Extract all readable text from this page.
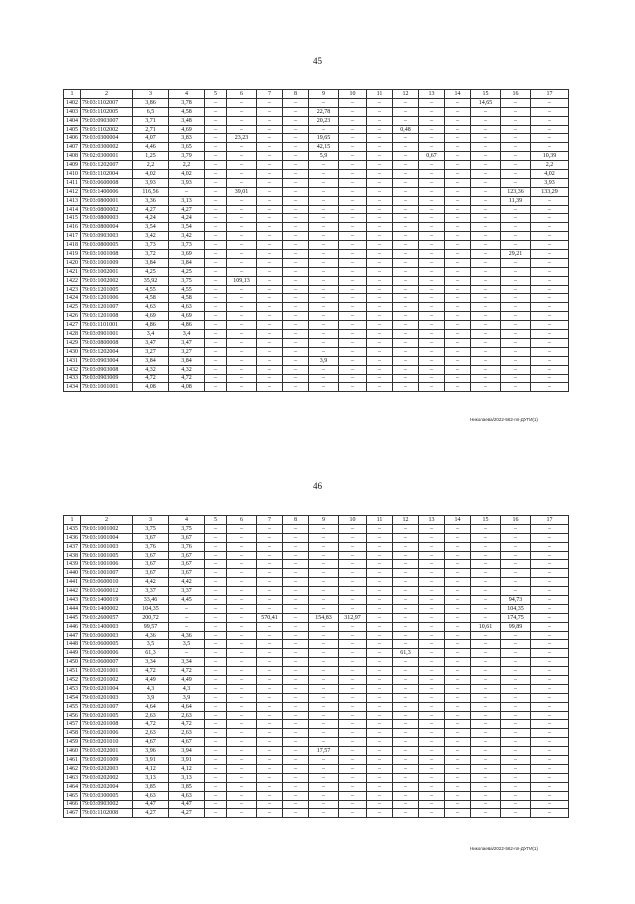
45
1	2	3	4	5	6	7	8	9	10	11	12	13	14	15	16	17
1402	79:03:1102007	3,86	3,78	–	–	–	–	–	–	–	–	–	–	14,65	–	–
1403	79:03:1102005	6,5	4,58	–	–	–	–	22,78	–	–	–	–	–	–	–	–
1404	79:03:0903007	3,71	3,48	–	–	–	–	20,23	–	–	–	–	–	–	–	–
1405	79:03:1102002	2,71	4,69	–	–	–	–	–	–	–	0,48	–	–	–	–	–
1406	79:03:0300004	4,07	3,83	–	23,23	–	–	19,65	–	–	–	–	–	–	–	–
1407	79:03:0300002	4,46	3,65	–	–	–	–	42,15	–	–	–	–	–	–	–	–
1408	79:02:0300001	1,25	3,79	–	–	–	–	5,9	–	–	–	0,67	–	–	–	10,39
1409	79:03:1202007	2,2	2,2	–	–	–	–	–	–	–	–	–	–	–	–	2,2
1410	79:03:1102004	4,02	4,02	–	–	–	–	–	–	–	–	–	–	–	–	4,02
1411	79:03:0600008	3,93	3,93	–	–	–	–	–	–	–	–	–	–	–	–	3,93
1412	79:03:1400006	116,56	–	–	39,01	–	–	–	–	–	–	–	–	–	123,36	133,29
1413	79:03:0800001	3,36	3,13	–	–	–	–	–	–	–	–	–	–	–	11,39	–
1414	79:03:0800002	4,27	4,27	–	–	–	–	–	–	–	–	–	–	–	–	–
1415	79:03:0800003	4,24	4,24	–	–	–	–	–	–	–	–	–	–	–	–	–
1416	79:03:0800004	3,54	3,54	–	–	–	–	–	–	–	–	–	–	–	–	–
1417	79:03:0903003	3,42	3,42	–	–	–	–	–	–	–	–	–	–	–	–	–
1418	79:03:0800005	3,73	3,73	–	–	–	–	–	–	–	–	–	–	–	–	–
1419	79:03:1001008	3,72	3,69	–	–	–	–	–	–	–	–	–	–	–	29,21	–
1420	79:03:1001009	3,84	3,84	–	–	–	–	–	–	–	–	–	–	–	–	–
1421	79:03:1002001	4,25	4,25	–	–	–	–	–	–	–	–	–	–	–	–	–
1422	79:03:1002002	35,92	3,75	–	109,13	–	–	–	–	–	–	–	–	–	–	–
1423	79:03:1201005	4,55	4,55	–	–	–	–	–	–	–	–	–	–	–	–	–
1424	79:03:1201006	4,58	4,58	–	–	–	–	–	–	–	–	–	–	–	–	–
1425	79:03:1201007	4,63	4,63	–	–	–	–	–	–	–	–	–	–	–	–	–
1426	79:03:1201008	4,69	4,69	–	–	–	–	–	–	–	–	–	–	–	–	–
1427	79:03:1101001	4,86	4,86	–	–	–	–	–	–	–	–	–	–	–	–	–
1428	79:03:0901001	3,4	3,4	–	–	–	–	–	–	–	–	–	–	–	–	–
1429	79:03:0800008	3,47	3,47	–	–	–	–	–	–	–	–	–	–	–	–	–
1430	79:03:1202004	3,27	3,27	–	–	–	–	–	–	–	–	–	–	–	–	–
1431	79:03:0903004	3,84	3,84	–	–	–	–	3,9	–	–	–	–	–	–	–	–
1432	79:03:0903008	4,32	4,32	–	–	–	–	–	–	–	–	–	–	–	–	–
1433	79:03:0903009	4,72	4,72	–	–	–	–	–	–	–	–	–	–	–	–	–
1434	79:03:1001001	4,08	4,08	–	–	–	–	–	–	–	–	–	–	–	–	–
Николаева/2022-562-пп-ДУГИ(1)
46
1	2	3	4	5	6	7	8	9	10	11	12	13	14	15	16	17
1435	79:03:1001002	3,75	3,75	–	–	–	–	–	–	–	–	–	–	–	–	–
1436	79:03:1001004	3,67	3,67	–	–	–	–	–	–	–	–	–	–	–	–	–
1437	79:03:1001003	3,76	3,76	–	–	–	–	–	–	–	–	–	–	–	–	–
1438	79:03:1001005	3,67	3,67	–	–	–	–	–	–	–	–	–	–	–	–	–
1439	79:03:1001006	3,67	3,67	–	–	–	–	–	–	–	–	–	–	–	–	–
1440	79:03:1001007	3,67	3,67	–	–	–	–	–	–	–	–	–	–	–	–	–
1441	79:03:0600010	4,42	4,42	–	–	–	–	–	–	–	–	–	–	–	–	–
1442	79:03:0600012	3,37	3,37	–	–	–	–	–	–	–	–	–	–	–	–	–
1443	79:03:1400019	33,46	4,45	–	–	–	–	–	–	–	–	–	–	–	94,73	–
1444	79:03:1400002	104,35	–	–	–	–	–	–	–	–	–	–	–	–	104,35	–
1445	79:03:2600057	200,72	–	–	–	570,41	–	154,83	312,97	–	–	–	–	–	174,75	–
1446	79:03:1400003	99,57	–	–	–	–	–	–	–	–	–	–	–	10,61	99,89	–
1447	79:03:0600003	4,36	4,36	–	–	–	–	–	–	–	–	–	–	–	–	–
1448	79:03:0600005	3,5	3,5	–	–	–	–	–	–	–	–	–	–	–	–	–
1449	79:03:0600006	61,3	–	–	–	–	–	–	–	–	61,3	–	–	–	–	–
1450	79:03:0600007	3,34	3,34	–	–	–	–	–	–	–	–	–	–	–	–	–
1451	79:03:0201001	4,72	4,72	–	–	–	–	–	–	–	–	–	–	–	–	–
1452	79:03:0201002	4,49	4,49	–	–	–	–	–	–	–	–	–	–	–	–	–
1453	79:03:0201004	4,3	4,3	–	–	–	–	–	–	–	–	–	–	–	–	–
1454	79:03:0201003	3,9	3,9	–	–	–	–	–	–	–	–	–	–	–	–	–
1455	79:03:0201007	4,64	4,64	–	–	–	–	–	–	–	–	–	–	–	–	–
1456	79:03:0201005	2,63	2,63	–	–	–	–	–	–	–	–	–	–	–	–	–
1457	79:03:0201008	4,72	4,72	–	–	–	–	–	–	–	–	–	–	–	–	–
1458	79:03:0201006	2,63	2,63	–	–	–	–	–	–	–	–	–	–	–	–	–
1459	79:03:0201010	4,67	4,67	–	–	–	–	–	–	–	–	–	–	–	–	–
1460	79:03:0202001	3,96	3,94	–	–	–	–	17,57	–	–	–	–	–	–	–	–
1461	79:03:0201009	3,91	3,91	–	–	–	–	–	–	–	–	–	–	–	–	–
1462	79:03:0202003	4,12	4,12	–	–	–	–	–	–	–	–	–	–	–	–	–
1463	79:03:0202002	3,13	3,13	–	–	–	–	–	–	–	–	–	–	–	–	–
1464	79:03:0202004	3,85	3,85	–	–	–	–	–	–	–	–	–	–	–	–	–
1465	79:03:0300005	4,63	4,63	–	–	–	–	–	–	–	–	–	–	–	–	–
1466	79:03:0903002	4,47	4,47	–	–	–	–	–	–	–	–	–	–	–	–	–
1467	79:03:1102008	4,27	4,27	–	–	–	–	–	–	–	–	–	–	–	–	–
Николаева/2022-562-пп-ДУГИ(1)
